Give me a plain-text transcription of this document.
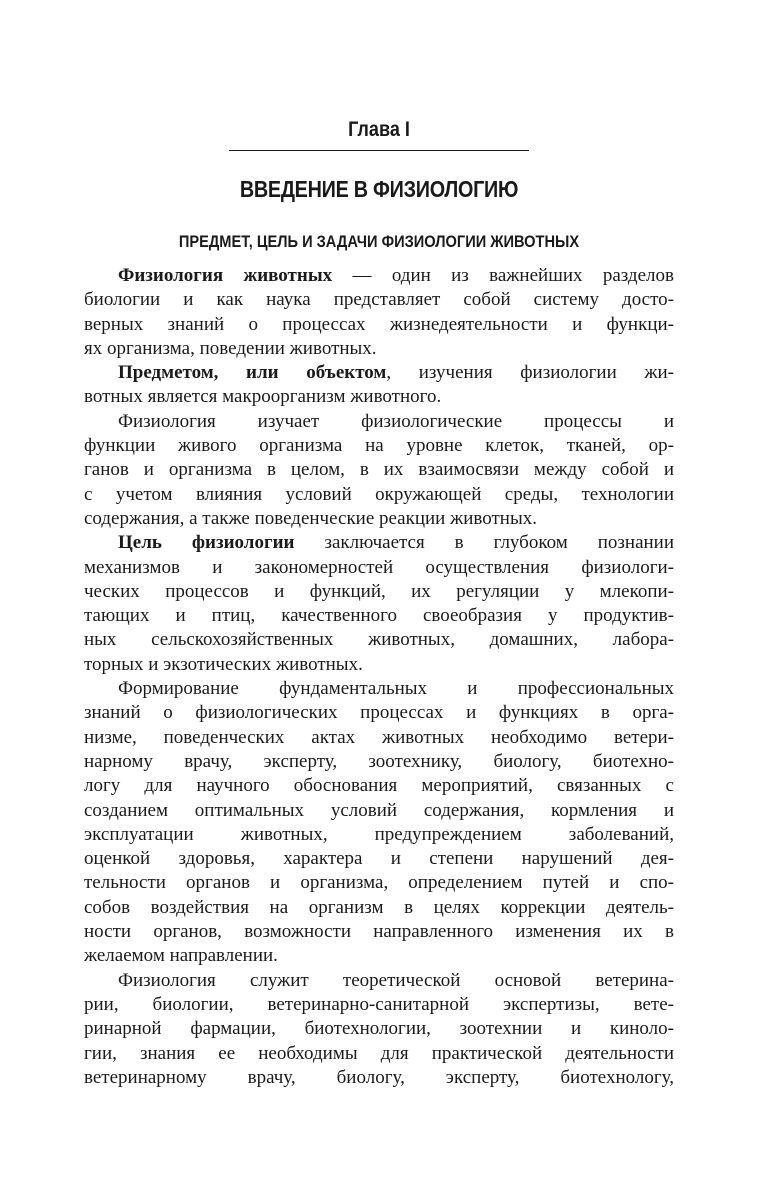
Глава I
ВВЕДЕНИЕ В ФИЗИОЛОГИЮ
ПРЕДМЕТ, ЦЕЛЬ И ЗАДАЧИ ФИЗИОЛОГИИ ЖИВОТНЫХ
Физиология животных — один из важнейших разделов
биологии и как наука представляет собой систему досто-
верных знаний о процессах жизнедеятельности и функци-
ях организма, поведении животных.
Предметом, или объектом, изучения физиологии жи-
вотных является макроорганизм животного.
Физиология изучает физиологические процессы и
функции живого организма на уровне клеток, тканей, ор-
ганов и организма в целом, в их взаимосвязи между собой и
с учетом влияния условий окружающей среды, технологии
содержания, а также поведенческие реакции животных.
Цель физиологии заключается в глубоком познании
механизмов и закономерностей осуществления физиологи-
ческих процессов и функций, их регуляции у млекопи-
тающих и птиц, качественного своеобразия у продуктив-
ных сельскохозяйственных животных, домашних, лабора-
торных и экзотических животных.
Формирование фундаментальных и профессиональных
знаний о физиологических процессах и функциях в орга-
низме, поведенческих актах животных необходимо ветери-
нарному врачу, эксперту, зоотехнику, биологу, биотехно-
логу для научного обоснования мероприятий, связанных с
созданием оптимальных условий содержания, кормления и
эксплуатации животных, предупреждением заболеваний,
оценкой здоровья, характера и степени нарушений дея-
тельности органов и организма, определением путей и спо-
собов воздействия на организм в целях коррекции деятель-
ности органов, возможности направленного изменения их в
желаемом направлении.
Физиология служит теоретической основой ветерина-
рии, биологии, ветеринарно-санитарной экспертизы, вете-
ринарной фармации, биотехнологии, зоотехнии и киноло-
гии, знания ее необходимы для практической деятельности
ветеринарному врачу, биологу, эксперту, биотехнологу,
